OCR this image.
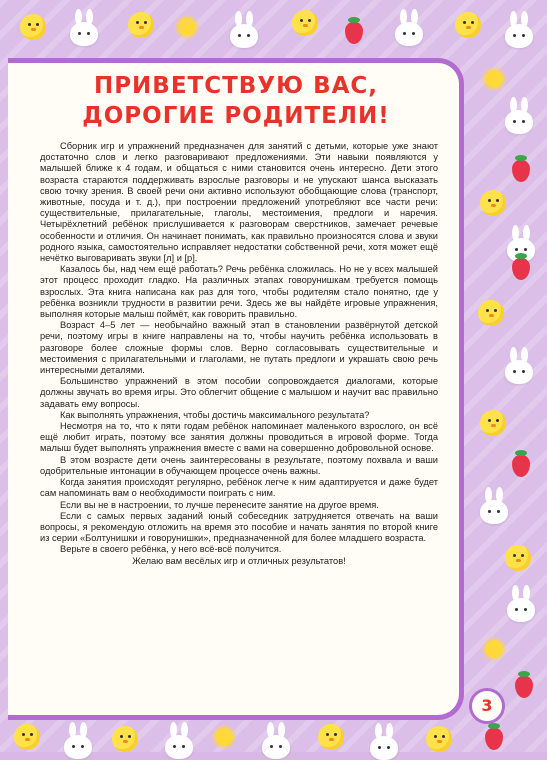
ПРИВЕТСТВУЮ ВАС,
ДОРОГИЕ РОДИТЕЛИ!

Сборник игр и упражнений предназначен для занятий с детьми, которые уже знают достаточно слов и легко разговаривают предложениями. Эти навыки появляются у малышей ближе к 4 годам, и общаться с ними становится очень интересно. Дети этого возраста стараются поддерживать взрослые разговоры и не упускают шанса высказать свою точку зрения. В своей речи они активно используют обобщающие слова (транспорт, животные, посуда и т. д.), при построении предложений употребляют все части речи: существительные, прилагательные, глаголы, местоимения, предлоги и наречия. Четырёхлетний ребёнок прислушивается к разговорам сверстников, замечает речевые особенности и отличия. Он начинает понимать, как правильно произносятся слова и звуки родного языка, самостоятельно исправляет недостатки собственной речи, хотя может ещё нечётко выговаривать звуки [л] и [р].

Казалось бы, над чем ещё работать? Речь ребёнка сложилась. Но не у всех малышей этот процесс проходит гладко. На различных этапах говорунишкам требуется помощь взрослых. Эта книга написана как раз для того, чтобы родителям стало понятно, где у ребёнка возникли трудности в развитии речи. Здесь же вы найдёте игровые упражнения, выполняя которые малыш поймёт, как говорить правильно.

Возраст 4–5 лет — необычайно важный этап в становлении развёрнутой детской речи, поэтому игры в книге направлены на то, чтобы научить ребёнка использовать в разговоре более сложные формы слов. Верно согласовывать существительные и местоимения с прилагательными и глаголами, не путать предлоги и украшать свою речь интересными деталями.

Большинство упражнений в этом пособии сопровождается диалогами, которые должны звучать во время игры. Это облегчит общение с малышом и научит вас правильно задавать ему вопросы.

Как выполнять упражнения, чтобы достичь максимального результата?

Несмотря на то, что к пяти годам ребёнок напоминает маленького взрослого, он всё ещё любит играть, поэтому все занятия должны проводиться в игровой форме. Тогда малыш будет выполнять упражнения вместе с вами на совершенно добровольной основе.

В этом возрасте дети очень заинтересованы в результате, поэтому похвала и ваши одобрительные интонации в обучающем процессе очень важны.

Когда занятия происходят регулярно, ребёнок легче к ним адаптируется и даже будет сам напоминать вам о необходимости поиграть с ним.

Если вы не в настроении, то лучше перенесите занятие на другое время.

Если с самых первых заданий юный собеседник затрудняется отвечать на ваши вопросы, я рекомендую отложить на время это пособие и начать занятия по второй книге из серии «Болтунишки и говорунишки», предназначенной для более младшего возраста.

Верьте в своего ребёнка, у него всё-всё получится.

Желаю вам весёлых игр и отличных результатов!

3
